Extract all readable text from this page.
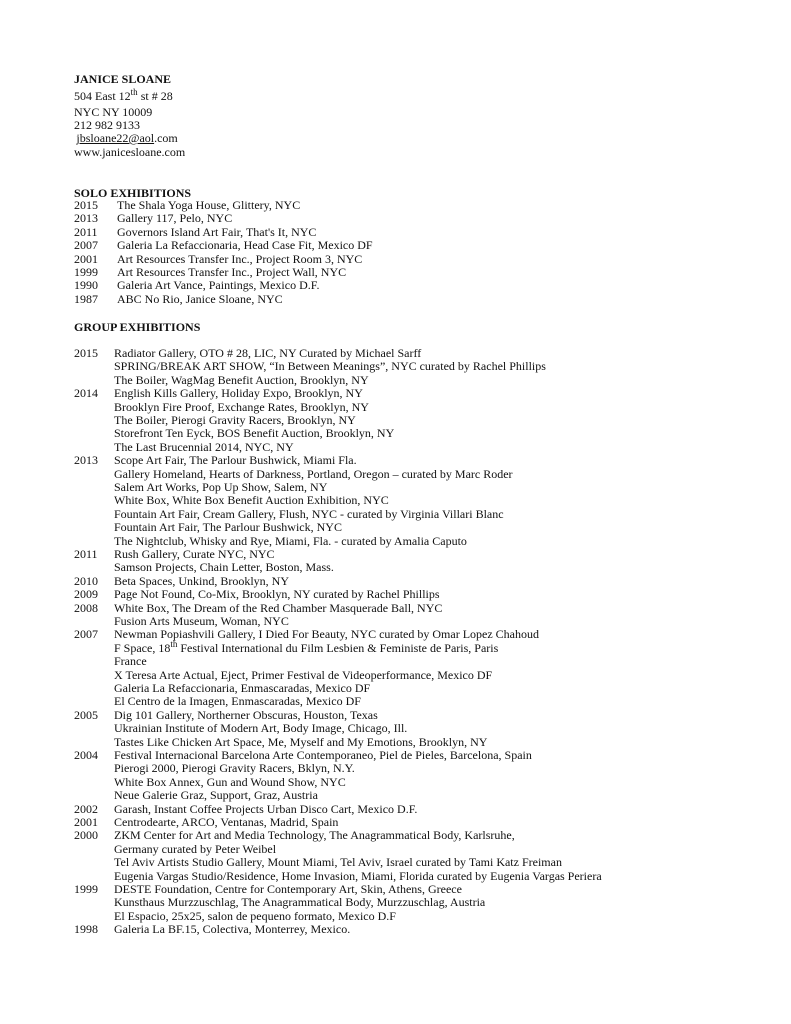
JANICE SLOANE
504 East 12th st # 28
NYC NY 10009
212 982 9133
 jbsloane22@aol.com
www.janicesloane.com
SOLO EXHIBITIONS
2015 The Shala Yoga House, Glittery, NYC
2013 Gallery 117, Pelo, NYC
2011 Governors Island Art Fair, That's It, NYC
2007 Galeria La Refaccionaria, Head Case Fit, Mexico DF
2001 Art Resources Transfer Inc., Project Room 3, NYC
1999 Art Resources Transfer Inc., Project Wall, NYC
1990 Galeria Art Vance, Paintings, Mexico D.F.
1987 ABC No Rio, Janice Sloane, NYC
GROUP EXHIBITIONS
2015 Radiator Gallery, OTO # 28, LIC, NY Curated by Michael Sarff
SPRING/BREAK ART SHOW, “In Between Meanings”, NYC curated by Rachel Phillips
The Boiler, WagMag Benefit Auction, Brooklyn, NY
2014 English Kills Gallery, Holiday Expo, Brooklyn, NY
Brooklyn Fire Proof, Exchange Rates, Brooklyn, NY
The Boiler, Pierogi Gravity Racers, Brooklyn, NY
Storefront Ten Eyck, BOS Benefit Auction, Brooklyn, NY
The Last Brucennial 2014, NYC, NY
2013 Scope Art Fair, The Parlour Bushwick, Miami Fla.
Gallery Homeland, Hearts of Darkness, Portland, Oregon – curated by Marc Roder
Salem Art Works, Pop Up Show, Salem, NY
White Box, White Box Benefit Auction Exhibition, NYC
Fountain Art Fair, Cream Gallery, Flush, NYC - curated by Virginia Villari Blanc
Fountain Art Fair, The Parlour Bushwick, NYC
The Nightclub, Whisky and Rye, Miami, Fla. - curated by Amalia Caputo
2011 Rush Gallery, Curate NYC, NYC
Samson Projects, Chain Letter, Boston, Mass.
2010 Beta Spaces, Unkind, Brooklyn, NY
2009 Page Not Found, Co-Mix, Brooklyn, NY curated by Rachel Phillips
2008 White Box, The Dream of the Red Chamber Masquerade Ball, NYC
Fusion Arts Museum, Woman, NYC
2007 Newman Popiashvili Gallery, I Died For Beauty, NYC curated by Omar Lopez Chahoud
F Space, 18th Festival International du Film Lesbien & Feministe de Paris, Paris
France
X Teresa Arte Actual, Eject, Primer Festival de Videoperformance, Mexico DF
Galeria La Refaccionaria, Enmascaradas, Mexico DF
El Centro de la Imagen, Enmascaradas, Mexico DF
2005 Dig 101 Gallery, Northerner Obscuras, Houston, Texas
Ukrainian Institute of Modern Art, Body Image, Chicago, Ill.
Tastes Like Chicken Art Space, Me, Myself and My Emotions, Brooklyn, NY
2004 Festival Internacional Barcelona Arte Contemporaneo, Piel de Pieles, Barcelona, Spain
Pierogi 2000, Pierogi Gravity Racers, Bklyn, N.Y.
White Box Annex, Gun and Wound Show, NYC
Neue Galerie Graz, Support, Graz, Austria
2002 Garash, Instant Coffee Projects Urban Disco Cart, Mexico D.F.
2001 Centrodearte, ARCO, Ventanas, Madrid, Spain
2000 ZKM Center for Art and Media Technology, The Anagrammatical Body, Karlsruhe,
Germany curated by Peter Weibel
Tel Aviv Artists Studio Gallery, Mount Miami, Tel Aviv, Israel curated by Tami Katz Freiman
Eugenia Vargas Studio/Residence, Home Invasion, Miami, Florida curated by Eugenia Vargas Periera
1999 DESTE Foundation, Centre for Contemporary Art, Skin, Athens, Greece
Kunsthaus Murzzuschlag, The Anagrammatical Body, Murzzuschlag, Austria
El Espacio, 25x25, salon de pequeno formato, Mexico D.F
1998 Galeria La BF.15, Colectiva, Monterrey, Mexico.
